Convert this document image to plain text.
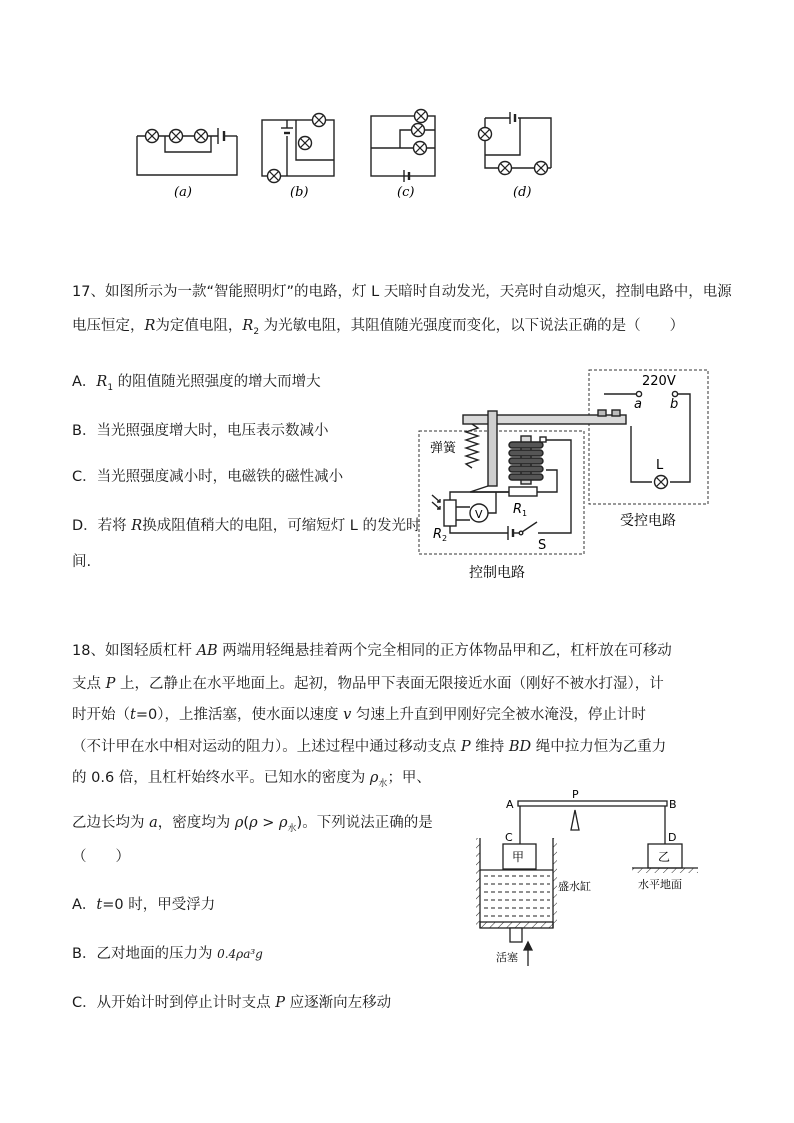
(a)	(b)	(c)	(d)
17、如图所示为一款“智能照明灯”的电路，灯 L 天暗时自动发光，天亮时自动熄灭，控制电路中，电源
电压恒定，R为定值电阻，$R_2$ 为光敏电阻，其阻值随光强度而变化，以下说法正确的是（　　）
A．$R_1$ 的阻值随光照强度的增大而增大
B．当光照强度增大时，电压表示数减小
C．当光照强度减小时，电磁铁的磁性减小
D．若将 R换成阻值稍大的电阻，可缩短灯 L 的发光时
间.
220V
a b
L
弹簧
V $R_1$
$R_2$	S
受控电路
控制电路
18、如图轻质杠杆 AB 两端用轻绳悬挂着两个完全相同的正方体物品甲和乙，杠杆放在可移动
支点 P 上，乙静止在水平地面上。起初，物品甲下表面无限接近水面（刚好不被水打湿），计
时开始（t=0），上推活塞，使水面以速度 v 匀速上升直到甲刚好完全被水淹没，停止计时
（不计甲在水中相对运动的阻力）。上述过程中通过移动支点 P 维持 BD 绳中拉力恒为乙重力
的 0.6 倍，且杠杆始终水平。已知水的密度为 $\rho_水$；甲、
乙边长均为 a，密度均为 $\rho(\rho > \rho_水)$。下列说法正确的是
（　　）
A．t=0 时，甲受浮力
B．乙对地面的压力为 0.4ρa³g
C．从开始计时到停止计时支点 P 应逐渐向左移动
A	B
P
C	D
甲	乙
盛水缸	水平地面
活塞
